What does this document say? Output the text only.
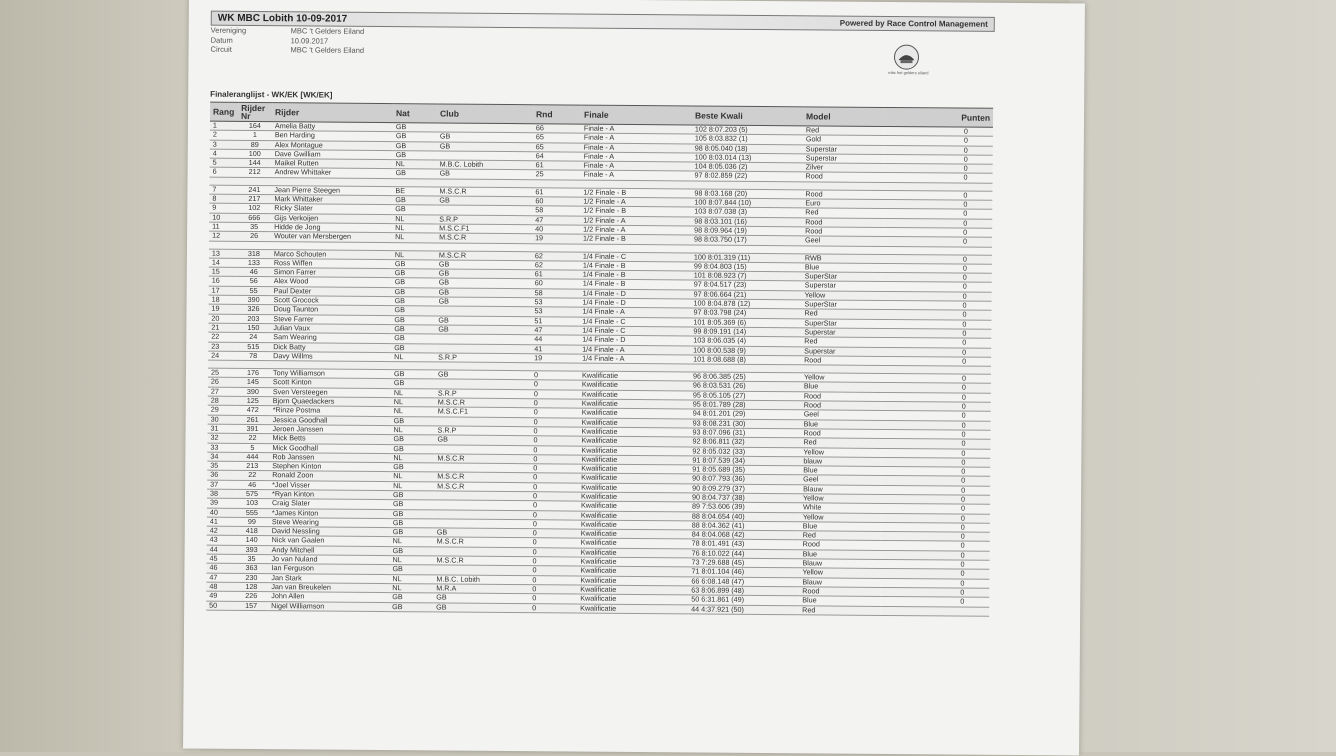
WK MBC Lobith 10-09-2017	Powered by Race Control Management
Vereniging	MBC 't Gelders Eiland
Datum	10.09.2017
Circuit	MBC 't Gelders Eiland
mbc het gelders eiland
Finaleranglijst - WK/EK [WK/EK]
Rang	Rijder Nr	Rijder	Nat	Club	Rnd	Finale	Beste Kwali	Model	Punten
1	164	Amelia Batty	GB		66	Finale - A	102 8:07.203 (5)	Red	0
2	1	Ben Harding	GB	GB	65	Finale - A	105 8:03.832 (1)	Gold	0
3	89	Alex Montague	GB	GB	65	Finale - A	98 8:05.040 (18)	Superstar	0
4	100	Dave Gwilliam	GB		64	Finale - A	100 8:03.014 (13)	Superstar	0
5	144	Maikel Rutten	NL	M.B.C. Lobith	61	Finale - A	104 8:05.036 (2)	Zilver	0
6	212	Andrew Whittaker	GB	GB	25	Finale - A	97 8:02.859 (22)	Rood	0

7	241	Jean Pierre Steegen	BE	M.S.C.R	61	1/2 Finale - B	98 8:03.168 (20)	Rood	0
8	217	Mark Whittaker	GB	GB	60	1/2 Finale - A	100 8:07.844 (10)	Euro	0
9	102	Ricky Slater	GB		58	1/2 Finale - B	103 8:07.038 (3)	Red	0
10	666	Gijs Verkoijen	NL	S.R.P	47	1/2 Finale - A	98 8:03.101 (16)	Rood	0
11	35	Hidde de Jong	NL	M.S.C.F1	40	1/2 Finale - A	98 8:09.964 (19)	Rood	0
12	26	Wouter van Mersbergen	NL	M.S.C.R	19	1/2 Finale - B	98 8:03.750 (17)	Geel	0

13	318	Marco Schouten	NL	M.S.C.R	62	1/4 Finale - C	100 8:01.319 (11)	RWB	0
14	133	Ross Wiffen	GB	GB	62	1/4 Finale - B	99 8:04.803 (15)	Blue	0
15	46	Simon Farrer	GB	GB	61	1/4 Finale - B	101 8:08.923 (7)	SuperStar	0
16	56	Alex Wood	GB	GB	60	1/4 Finale - B	97 8:04.517 (23)	Superstar	0
17	55	Paul Dexter	GB	GB	58	1/4 Finale - D	97 8:06.664 (21)	Yellow	0
18	390	Scott Grocock	GB	GB	53	1/4 Finale - D	100 8:04.878 (12)	SuperStar	0
19	326	Doug Taunton	GB		53	1/4 Finale - A	97 8:03.798 (24)	Red	0
20	203	Steve Farrer	GB	GB	51	1/4 Finale - C	101 8:05.369 (6)	SuperStar	0
21	150	Julian Vaux	GB	GB	47	1/4 Finale - C	99 8:09.191 (14)	Superstar	0
22	24	Sam Wearing	GB		44	1/4 Finale - D	103 8:06.035 (4)	Red	0
23	515	Dick Batty	GB		41	1/4 Finale - A	100 8:00.538 (9)	Superstar	0
24	78	Davy Willms	NL	S.R.P	19	1/4 Finale - A	101 8:08.688 (8)	Rood	0

25	176	Tony Williamson	GB	GB	0	Kwalificatie	96 8:06.385 (25)	Yellow	0
26	145	Scott Kinton	GB		0	Kwalificatie	96 8:03.531 (26)	Blue	0
27	390	Sven Versteegen	NL	S.R.P	0	Kwalificatie	95 8:05.105 (27)	Rood	0
28	125	Bjorn Quaedackers	NL	M.S.C.R	0	Kwalificatie	95 8:01.789 (28)	Rood	0
29	472	*Rinze Postma	NL	M.S.C.F1	0	Kwalificatie	94 8:01.201 (29)	Geel	0
30	261	Jessica Goodhall	GB		0	Kwalificatie	93 8:08.231 (30)	Blue	0
31	391	Jeroen Janssen	NL	S.R.P	0	Kwalificatie	93 8:07.096 (31)	Rood	0
32	22	Mick Betts	GB	GB	0	Kwalificatie	92 8:06.811 (32)	Red	0
33	5	Mick Goodhall	GB		0	Kwalificatie	92 8:05.032 (33)	Yellow	0
34	444	Rob Janssen	NL	M.S.C.R	0	Kwalificatie	91 8:07.539 (34)	blauw	0
35	213	Stephen Kinton	GB		0	Kwalificatie	91 8:05.689 (35)	Blue	0
36	22	Ronald Zoon	NL	M.S.C.R	0	Kwalificatie	90 8:07.793 (36)	Geel	0
37	46	*Joel Visser	NL	M.S.C.R	0	Kwalificatie	90 8:09.279 (37)	Blauw	0
38	575	*Ryan Kinton	GB		0	Kwalificatie	90 8:04.737 (38)	Yellow	0
39	103	Craig Slater	GB		0	Kwalificatie	89 7:53.606 (39)	White	0
40	555	*James Kinton	GB		0	Kwalificatie	88 8:04.654 (40)	Yellow	0
41	99	Steve Wearing	GB		0	Kwalificatie	88 8:04.362 (41)	Blue	0
42	418	David Nessling	GB	GB	0	Kwalificatie	84 8:04.068 (42)	Red	0
43	140	Nick van Gaalen	NL	M.S.C.R	0	Kwalificatie	78 8:01.491 (43)	Rood	0
44	393	Andy Mitchell	GB		0	Kwalificatie	76 8:10.022 (44)	Blue	0
45	35	Jo van Nuland	NL	M.S.C.R	0	Kwalificatie	73 7:29.688 (45)	Blauw	0
46	363	Ian Ferguson	GB		0	Kwalificatie	71 8:01.104 (46)	Yellow	0
47	230	Jan Stark	NL	M.B.C. Lobith	0	Kwalificatie	66 6:08.148 (47)	Blauw	0
48	128	Jan van Breukelen	NL	M.R.A	0	Kwalificatie	63 8:06.899 (48)	Rood	0
49	226	John Allen	GB	GB	0	Kwalificatie	50 6:31.861 (49)	Blue	0
50	157	Nigel Williamson	GB	GB	0	Kwalificatie	44 4:37.921 (50)	Red	
